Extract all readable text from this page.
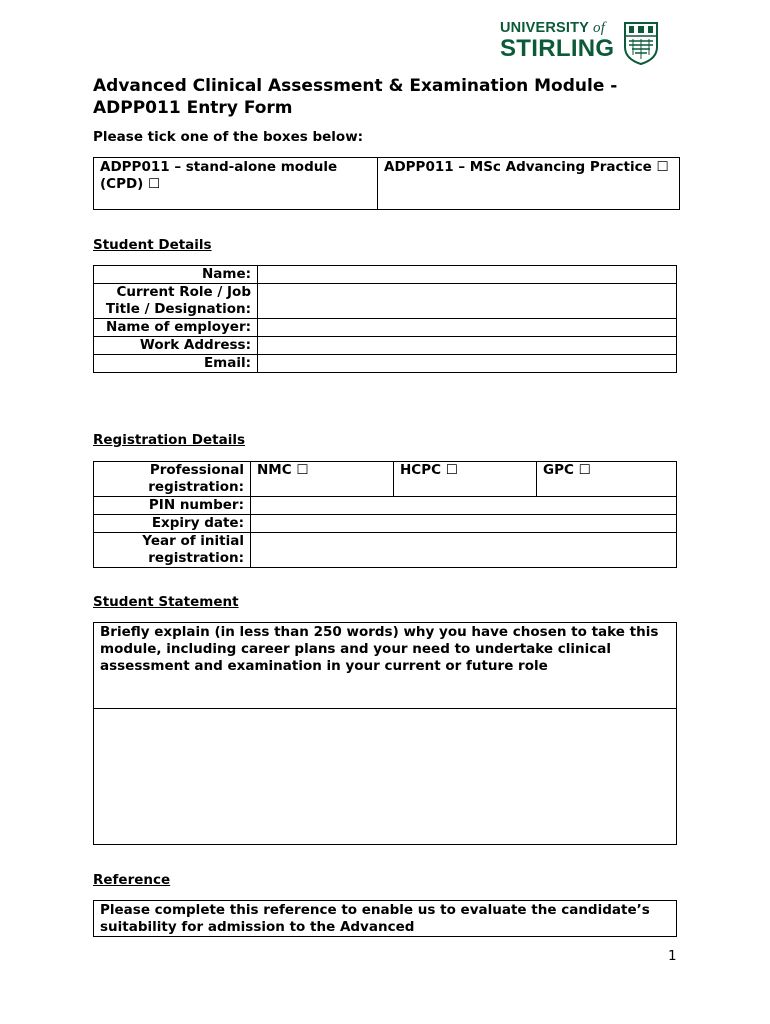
UNIVERSITY of
STIRLING
Advanced Clinical Assessment & Examination Module - ADPP011 Entry Form
Please tick one of the boxes below:
ADPP011 – stand-alone module (CPD) ☐	ADPP011 – MSc Advancing Practice ☐
Student Details
Name:	
Current Role / Job Title / Designation:	
Name of employer:	
Work Address:	
Email:	
Registration Details
Professional registration:	NMC ☐	HCPC ☐	GPC ☐
PIN number:			
Expiry date:			
Year of initial registration:			
Student Statement
Briefly explain (in less than 250 words) why you have chosen to take this module, including career plans and your need to undertake clinical assessment and examination in your current or future role

Reference
Please complete this reference to enable us to evaluate the candidate’s suitability for admission to the Advanced
1
